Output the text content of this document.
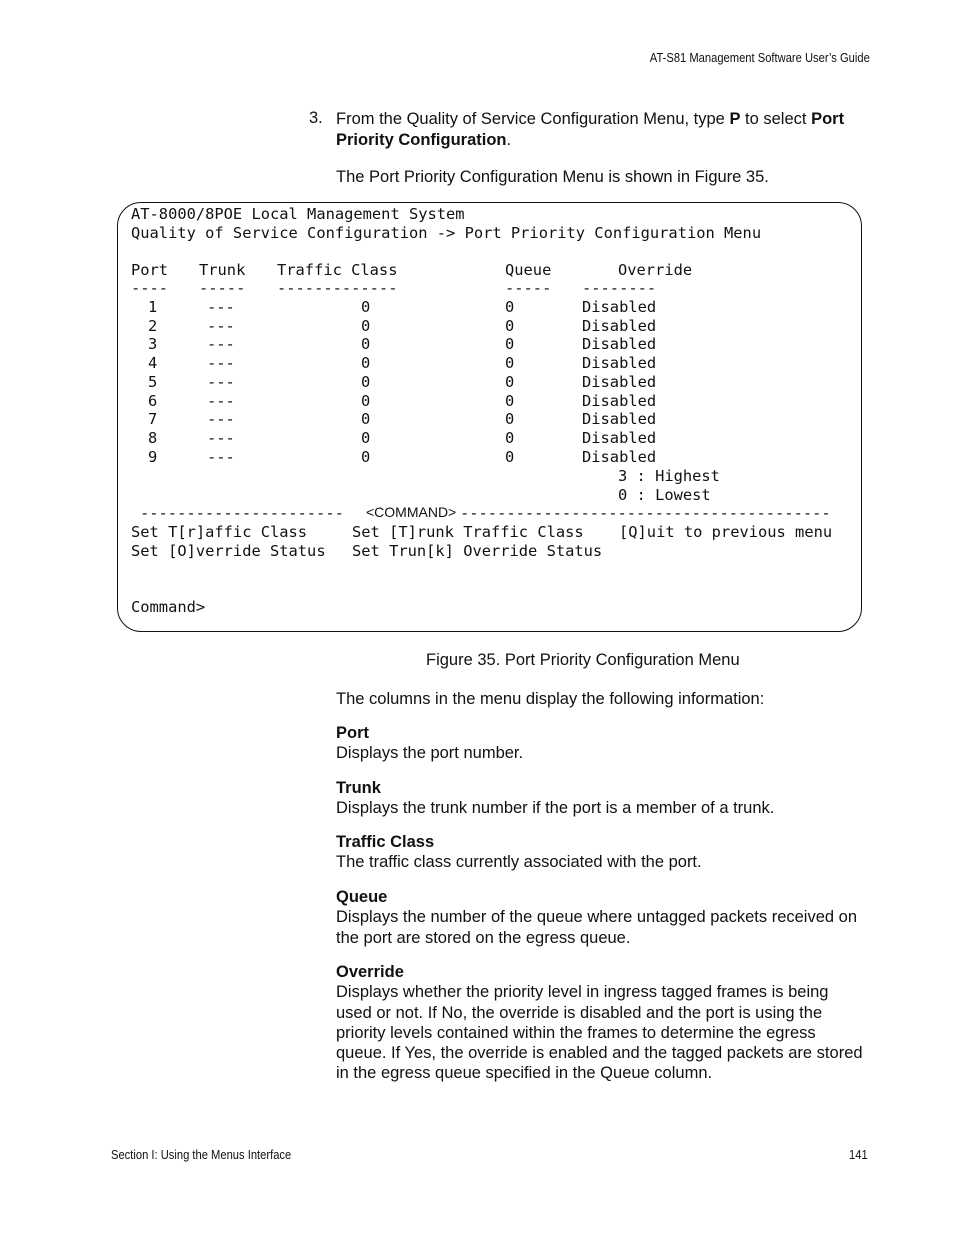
AT-S81 Management Software User’s Guide
3. From the Quality of Service Configuration Menu, type P to select Port Priority Configuration.
The Port Priority Configuration Menu is shown in Figure 35.
AT-8000/8POE Local Management System
Quality of Service Configuration -> Port Priority Configuration Menu
Port Trunk Traffic Class	Queue	Override
---- ----- -------------	----- --------
1	---	0	0	Disabled
2	---	0	0	Disabled
3	---	0	0	Disabled
4	---	0	0	Disabled
5	---	0	0	Disabled
6	---	0	0	Disabled
7	---	0	0	Disabled
8	---	0	0	Disabled
9	---	0	0	Disabled
3 : Highest
0 : Lowest
---------------------- <COMMAND> ----------------------------------------
Set T[r]affic Class	Set [T]runk Traffic Class [Q]uit to previous menu
Set [O]verride Status Set Trun[k] Override Status
Command>
Figure 35. Port Priority Configuration Menu
The columns in the menu display the following information:
Port
Displays the port number.
Trunk
Displays the trunk number if the port is a member of a trunk.
Traffic Class
The traffic class currently associated with the port.
Queue
Displays the number of the queue where untagged packets received on the port are stored on the egress queue.
Override
Displays whether the priority level in ingress tagged frames is being used or not. If No, the override is disabled and the port is using the priority levels contained within the frames to determine the egress queue. If Yes, the override is enabled and the tagged packets are stored in the egress queue specified in the Queue column.
Section I: Using the Menus Interface	141
